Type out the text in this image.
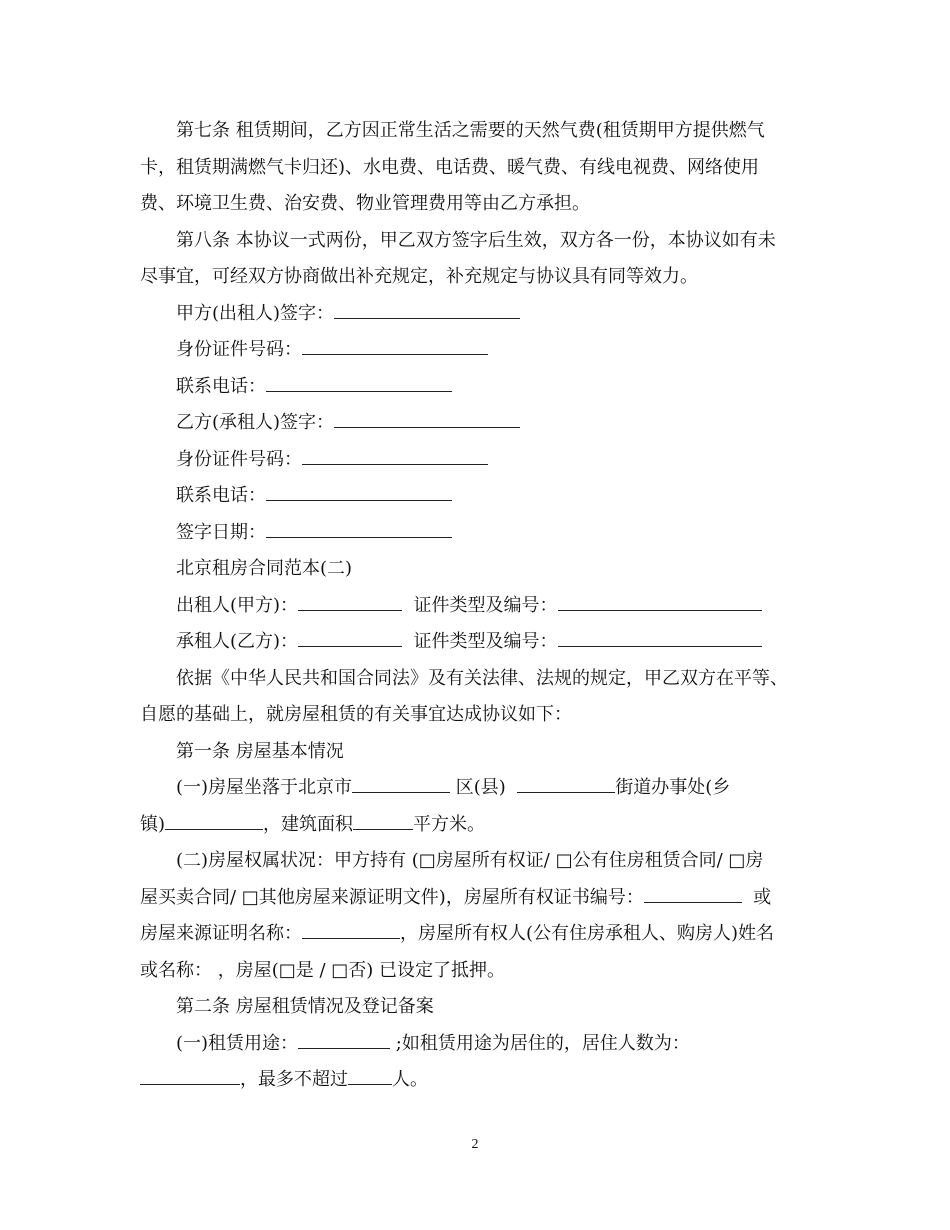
第七条 租赁期间，乙方因正常生活之需要的天然气费(租赁期甲方提供燃气
卡，租赁期满燃气卡归还)、水电费、电话费、暖气费、有线电视费、网络使用
费、环境卫生费、治安费、物业管理费用等由乙方承担。
第八条 本协议一式两份，甲乙双方签字后生效，双方各一份，本协议如有未
尽事宜，可经双方协商做出补充规定，补充规定与协议具有同等效力。
甲方(出租人)签字：
身份证件号码：
联系电话：
乙方(承租人)签字：
身份证件号码：
联系电话：
签字日期：
北京租房合同范本(二)
出租人(甲方)：	证件类型及编号：
承租人(乙方)：	证件类型及编号：
依据《中华人民共和国合同法》及有关法律、法规的规定，甲乙双方在平等、
自愿的基础上，就房屋租赁的有关事宜达成协议如下：
第一条 房屋基本情况
(一)房屋坐落于北京市	区(县)	街道办事处(乡
镇)	，建筑面积	平方米。
(二)房屋权属状况：甲方持有 (□房屋所有权证/ □公有住房租赁合同/ □房
屋买卖合同/ □其他房屋来源证明文件)，房屋所有权证书编号：	或
房屋来源证明名称：	，房屋所有权人(公有住房承租人、购房人)姓名
或名称： ，房屋(□是 / □否) 已设定了抵押。
第二条 房屋租赁情况及登记备案
(一)租赁用途：	;如租赁用途为居住的，居住人数为：
，最多不超过 人。
2
